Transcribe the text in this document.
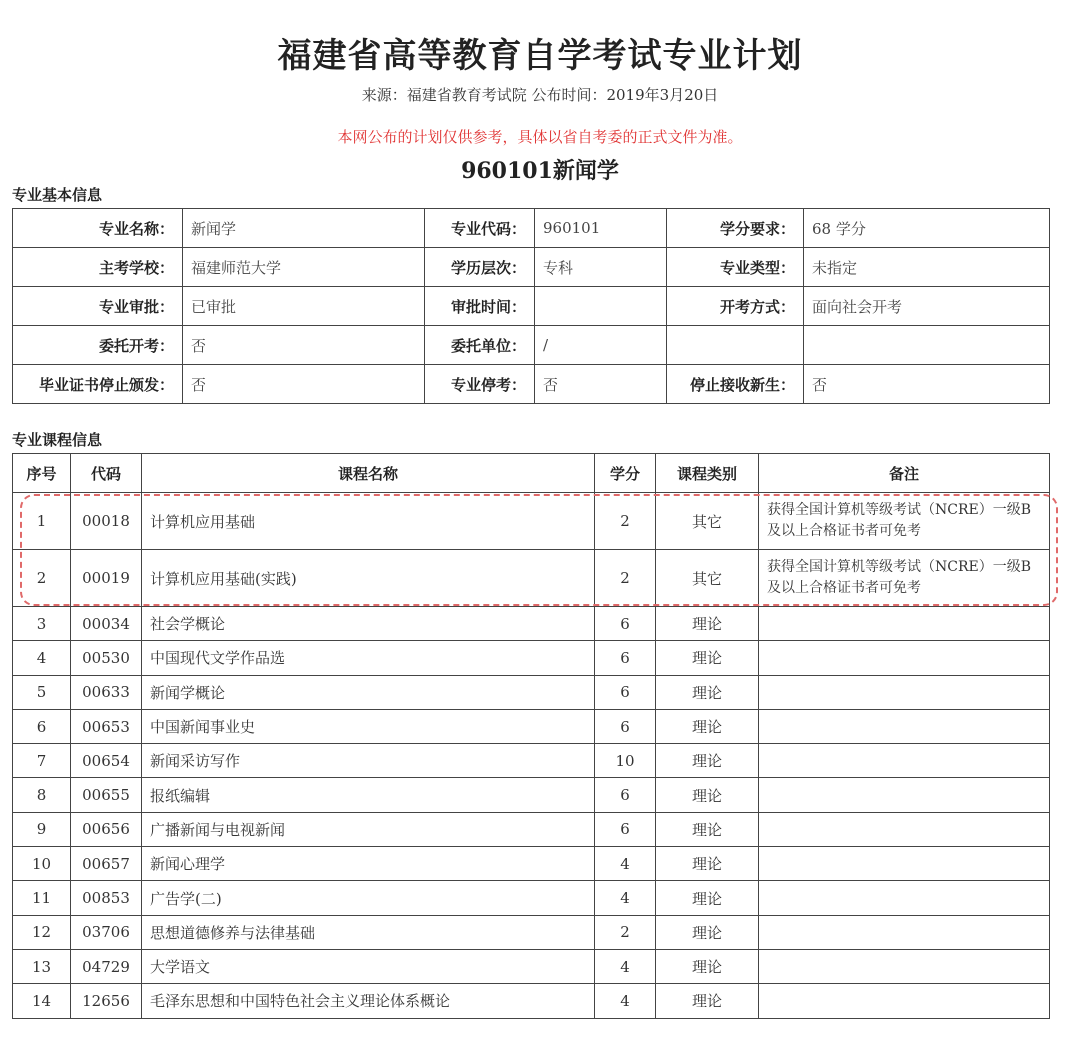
福建省高等教育自学考试专业计划
来源：福建省教育考试院 公布时间：2019年3月20日
本网公布的计划仅供参考，具体以省自考委的正式文件为准。
960101新闻学
专业基本信息
专业名称：	新闻学	专业代码：	960101	学分要求：	68 学分
主考学校：	福建师范大学	学历层次：	专科	专业类型：	未指定
专业审批：	已审批	审批时间：		开考方式：	面向社会开考
委托开考：	否	委托单位：	/		
毕业证书停止颁发：	否	专业停考：	否	停止接收新生：	否
专业课程信息
序号	代码	课程名称	学分	课程类别	备注
1	00018	计算机应用基础	2	其它	获得全国计算机等级考试（NCRE）一级B及以上合格证书者可免考
2	00019	计算机应用基础(实践)	2	其它	获得全国计算机等级考试（NCRE）一级B及以上合格证书者可免考
3	00034	社会学概论	6	理论	
4	00530	中国现代文学作品选	6	理论	
5	00633	新闻学概论	6	理论	
6	00653	中国新闻事业史	6	理论	
7	00654	新闻采访写作	10	理论	
8	00655	报纸编辑	6	理论	
9	00656	广播新闻与电视新闻	6	理论	
10	00657	新闻心理学	4	理论	
11	00853	广告学(二)	4	理论	
12	03706	思想道德修养与法律基础	2	理论	
13	04729	大学语文	4	理论	
14	12656	毛泽东思想和中国特色社会主义理论体系概论	4	理论	
